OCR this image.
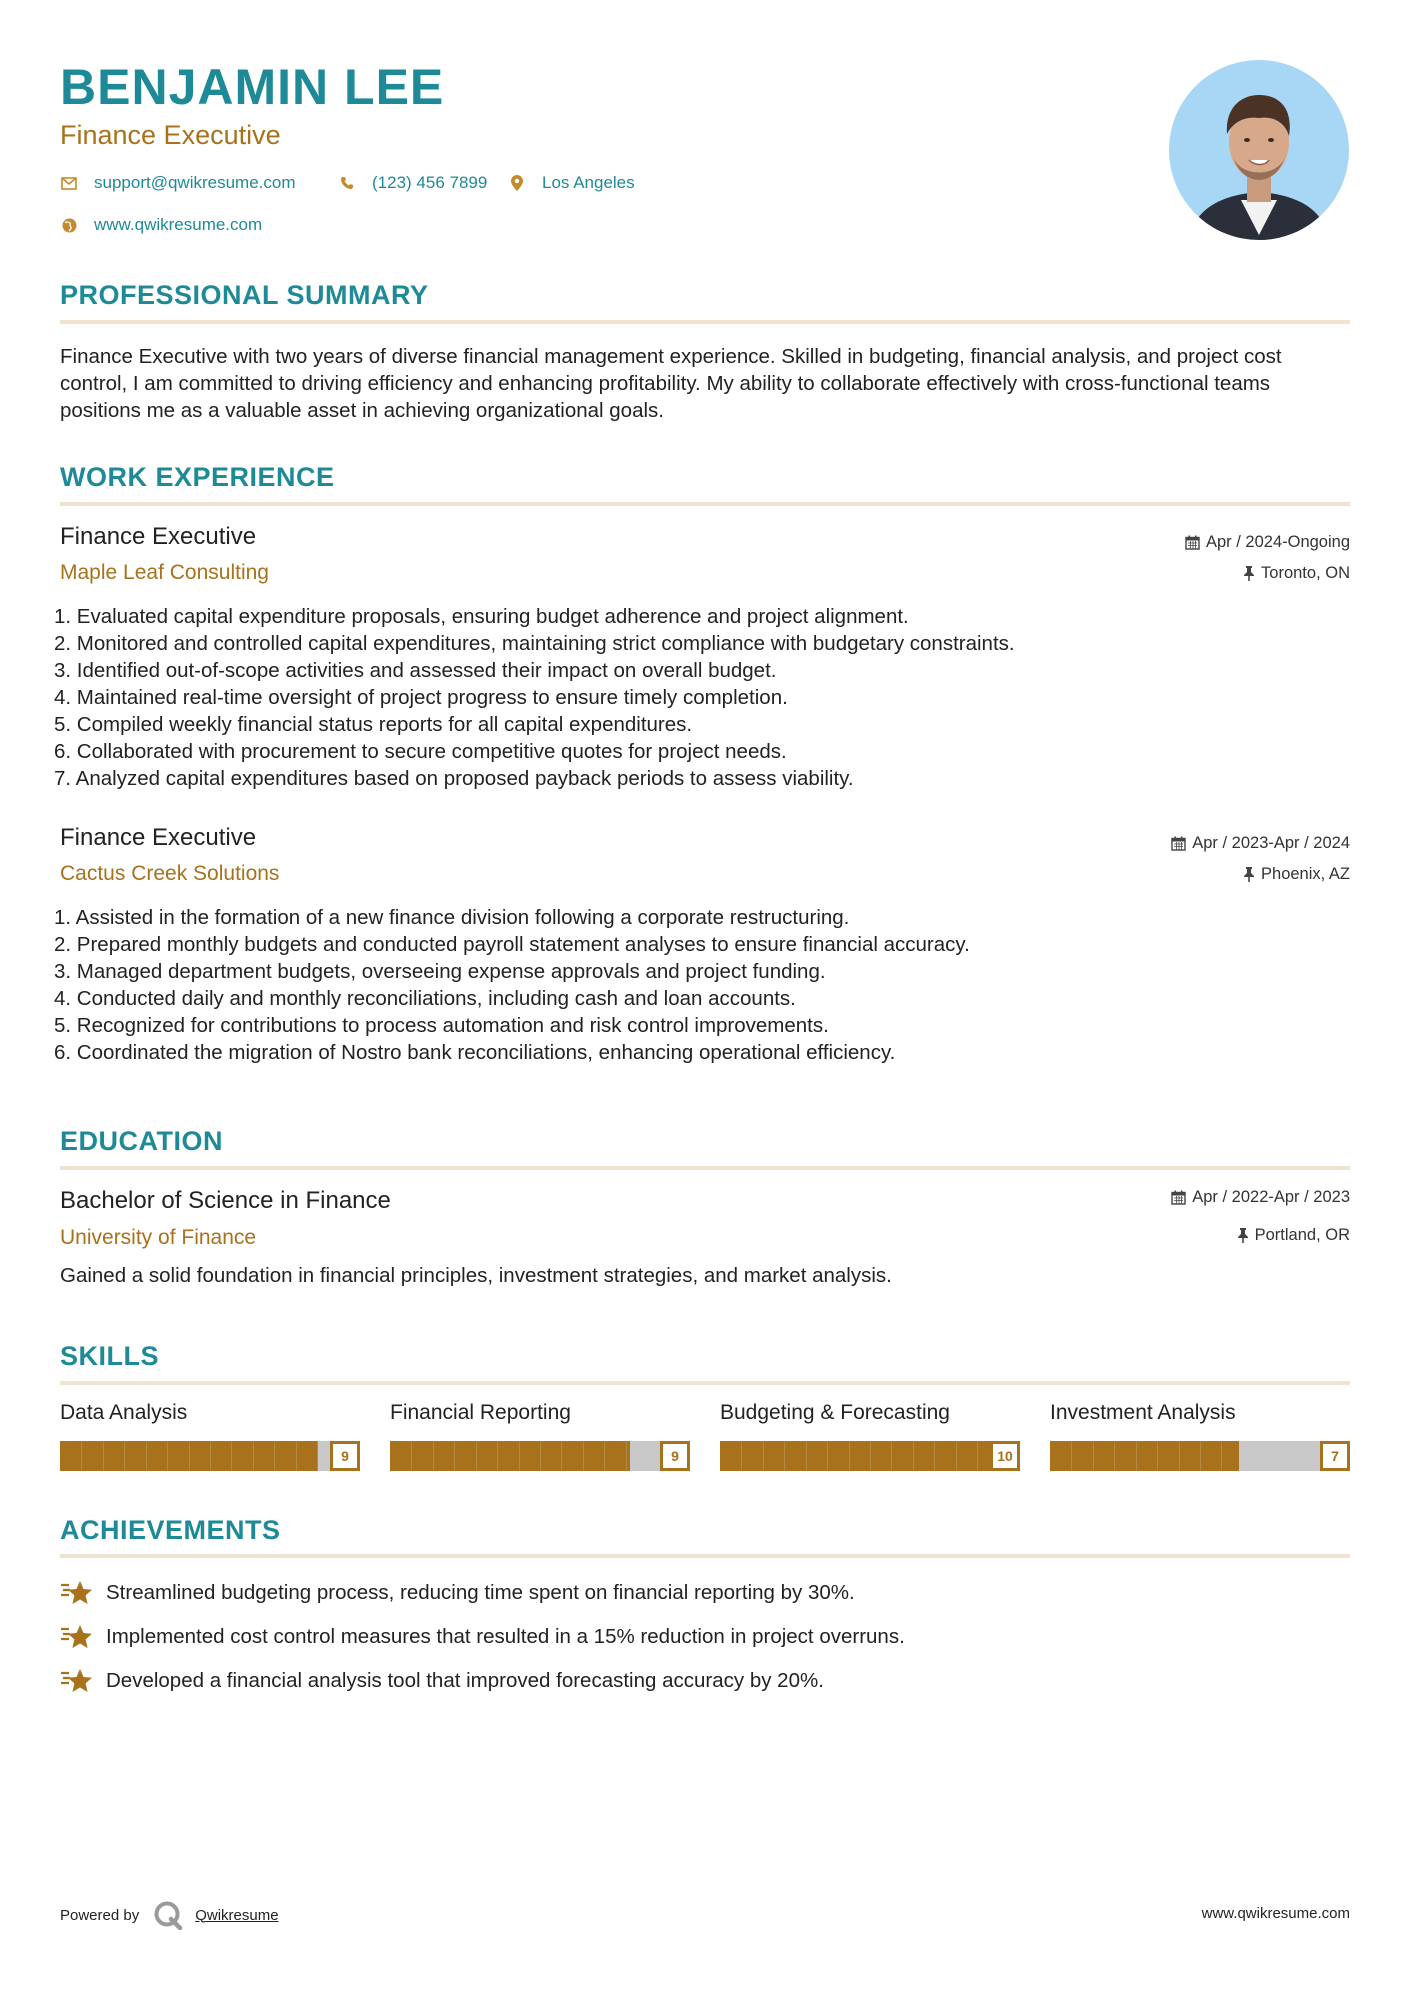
BENJAMIN LEE
Finance Executive
support@qwikresume.com	(123) 456 7899	Los Angeles
www.qwikresume.com
PROFESSIONAL SUMMARY
Finance Executive with two years of diverse financial management experience. Skilled in budgeting, financial analysis, and project cost control, I am committed to driving efficiency and enhancing profitability. My ability to collaborate effectively with cross-functional teams positions me as a valuable asset in achieving organizational goals.
WORK EXPERIENCE
Finance Executive
Maple Leaf Consulting
Apr / 2024-Ongoing
Toronto, ON
1. Evaluated capital expenditure proposals, ensuring budget adherence and project alignment.
2. Monitored and controlled capital expenditures, maintaining strict compliance with budgetary constraints.
3. Identified out-of-scope activities and assessed their impact on overall budget.
4. Maintained real-time oversight of project progress to ensure timely completion.
5. Compiled weekly financial status reports for all capital expenditures.
6. Collaborated with procurement to secure competitive quotes for project needs.
7. Analyzed capital expenditures based on proposed payback periods to assess viability.
Finance Executive
Cactus Creek Solutions
Apr / 2023-Apr / 2024
Phoenix, AZ
1. Assisted in the formation of a new finance division following a corporate restructuring.
2. Prepared monthly budgets and conducted payroll statement analyses to ensure financial accuracy.
3. Managed department budgets, overseeing expense approvals and project funding.
4. Conducted daily and monthly reconciliations, including cash and loan accounts.
5. Recognized for contributions to process automation and risk control improvements.
6. Coordinated the migration of Nostro bank reconciliations, enhancing operational efficiency.
EDUCATION
Bachelor of Science in Finance
University of Finance
Apr / 2022-Apr / 2023
Portland, OR
Gained a solid foundation in financial principles, investment strategies, and market analysis.
SKILLS
Data Analysis
9
Financial Reporting
9
Budgeting & Forecasting
10
Investment Analysis
7
ACHIEVEMENTS
Streamlined budgeting process, reducing time spent on financial reporting by 30%.
Implemented cost control measures that resulted in a 15% reduction in project overruns.
Developed a financial analysis tool that improved forecasting accuracy by 20%.
Powered by	Qwikresume	www.qwikresume.com
